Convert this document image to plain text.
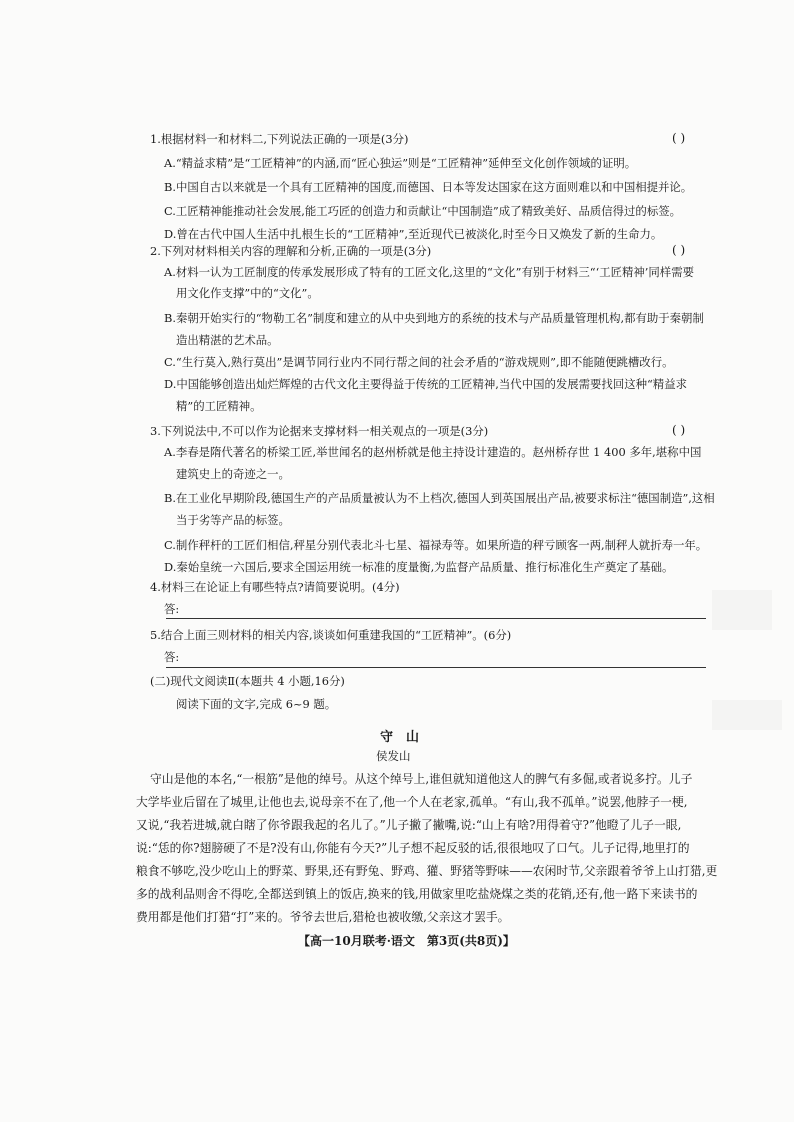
1.根据材料一和材料二,下列说法正确的一项是(3分)	( )
A.“精益求精”是“工匠精神”的内涵,而“匠心独运”则是“工匠精神”延伸至文化创作领域的证明。
B.中国自古以来就是一个具有工匠精神的国度,而德国、日本等发达国家在这方面则难以和中国相提并论。
C.工匠精神能推动社会发展,能工巧匠的创造力和贡献让“中国制造”成了精致美好、品质信得过的标签。
D.曾在古代中国人生活中扎根生长的“工匠精神”,至近现代已被淡化,时至今日又焕发了新的生命力。
2.下列对材料相关内容的理解和分析,正确的一项是(3分)	( )
A.材料一认为工匠制度的传承发展形成了特有的工匠文化,这里的“文化”有别于材料三“‘工匠精神’同样需要
用文化作支撑”中的“文化”。
B.秦朝开始实行的“物勒工名”制度和建立的从中央到地方的系统的技术与产品质量管理机构,都有助于秦朝制
造出精湛的艺术品。
C.“生行莫入,熟行莫出”是调节同行业内不同行帮之间的社会矛盾的“游戏规则”,即不能随便跳槽改行。
D.中国能够创造出灿烂辉煌的古代文化主要得益于传统的工匠精神,当代中国的发展需要找回这种“精益求
精”的工匠精神。
3.下列说法中,不可以作为论据来支撑材料一相关观点的一项是(3分)	( )
A.李春是隋代著名的桥梁工匠,举世闻名的赵州桥就是他主持设计建造的。赵州桥存世 1 400 多年,堪称中国
建筑史上的奇迹之一。
B.在工业化早期阶段,德国生产的产品质量被认为不上档次,德国人到英国展出产品,被要求标注“德国制造”,这相
当于劣等产品的标签。
C.制作秤杆的工匠们相信,秤星分别代表北斗七星、福禄寿等。如果所造的秤亏顾客一两,制秤人就折寿一年。
D.秦始皇统一六国后,要求全国运用统一标准的度量衡,为监督产品质量、推行标准化生产奠定了基础。
4.材料三在论证上有哪些特点?请简要说明。(4分)
答:
5.结合上面三则材料的相关内容,谈谈如何重建我国的“工匠精神”。(6分)
答:
(二)现代文阅读Ⅱ(本题共 4 小题,16分)
阅读下面的文字,完成 6~9 题。
守　山
侯发山
守山是他的本名,“一根筋”是他的绰号。从这个绰号上,谁但就知道他这人的脾气有多倔,或者说多拧。儿子
大学毕业后留在了城里,让他也去,说母亲不在了,他一个人在老家,孤单。“有山,我不孤单。”说罢,他脖子一梗,
又说,“我若进城,就白瞎了你爷跟我起的名儿了。”儿子撇了撇嘴,说:“山上有啥?用得着守?”他瞪了儿子一眼,
说:“恁的你?翅膀硬了不是?没有山,你能有今天?”儿子想不起反驳的话,很很地叹了口气。儿子记得,地里打的
粮食不够吃,没少吃山上的野菜、野果,还有野兔、野鸡、獾、野猪等野味——农闲时节,父亲跟着爷爷上山打猎,更
多的战利品则舍不得吃,全都送到镇上的饭店,换来的钱,用做家里吃盐烧煤之类的花销,还有,他一路下来读书的
费用都是他们打猎“打”来的。爷爷去世后,猎枪也被收缴,父亲这才罢手。
【高一10月联考·语文　第3页(共8页)】
